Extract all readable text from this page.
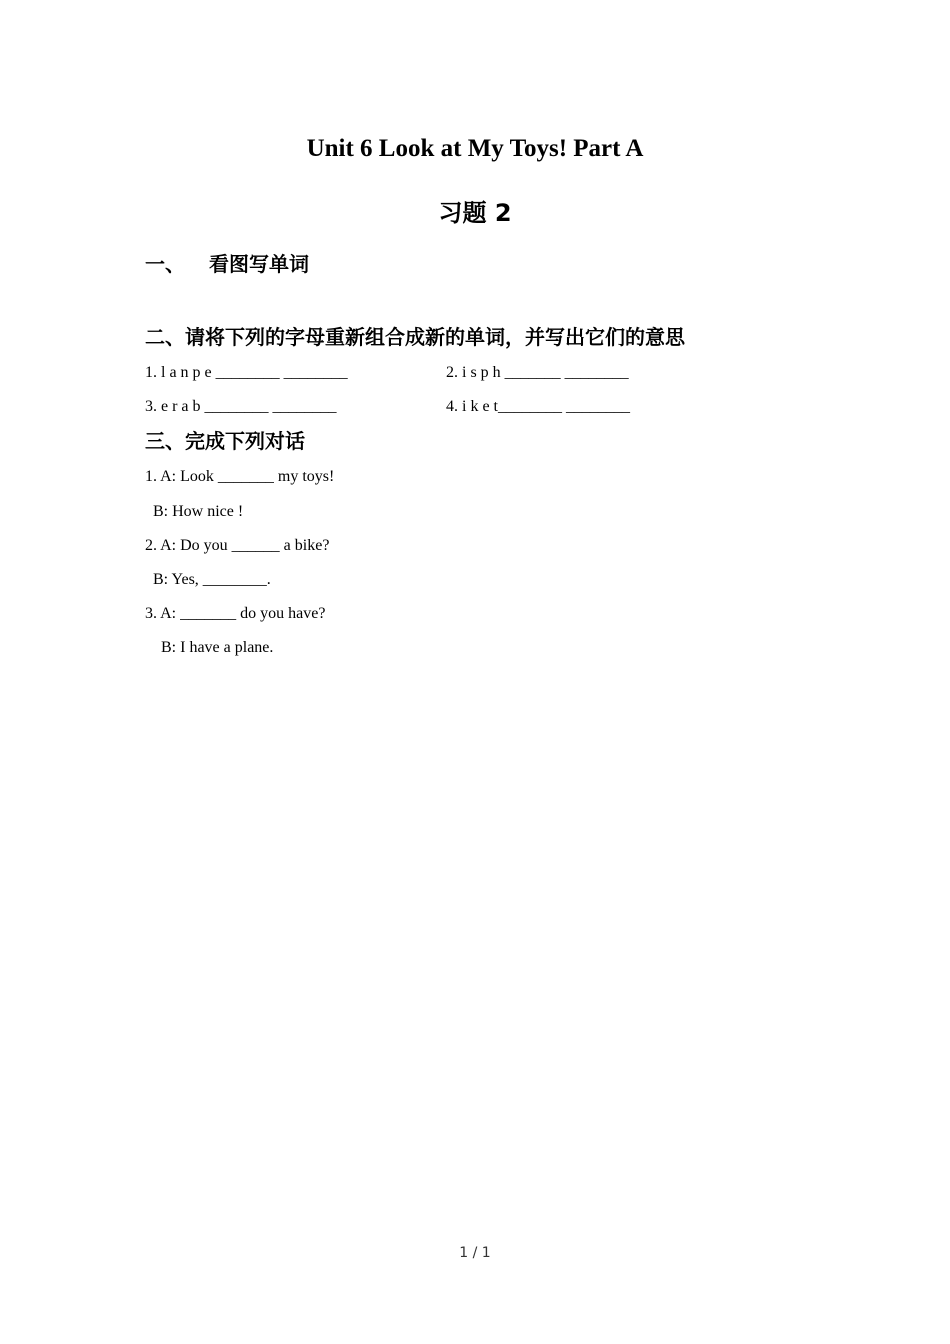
Unit 6 Look at My Toys! Part A
习题 2
一、 看图写单词
二、请将下列的字母重新组合成新的单词，并写出它们的意思
1. l a n p e ________ ________	2. i s p h _______ ________
3. e r a b ________ ________	4. i k e t________ ________
三、完成下列对话
1. A: Look _______ my toys!
B: How nice !
2. A: Do you ______ a bike?
B: Yes, ________.
3. A: _______ do you have?
B: I have a plane.
1 / 1
